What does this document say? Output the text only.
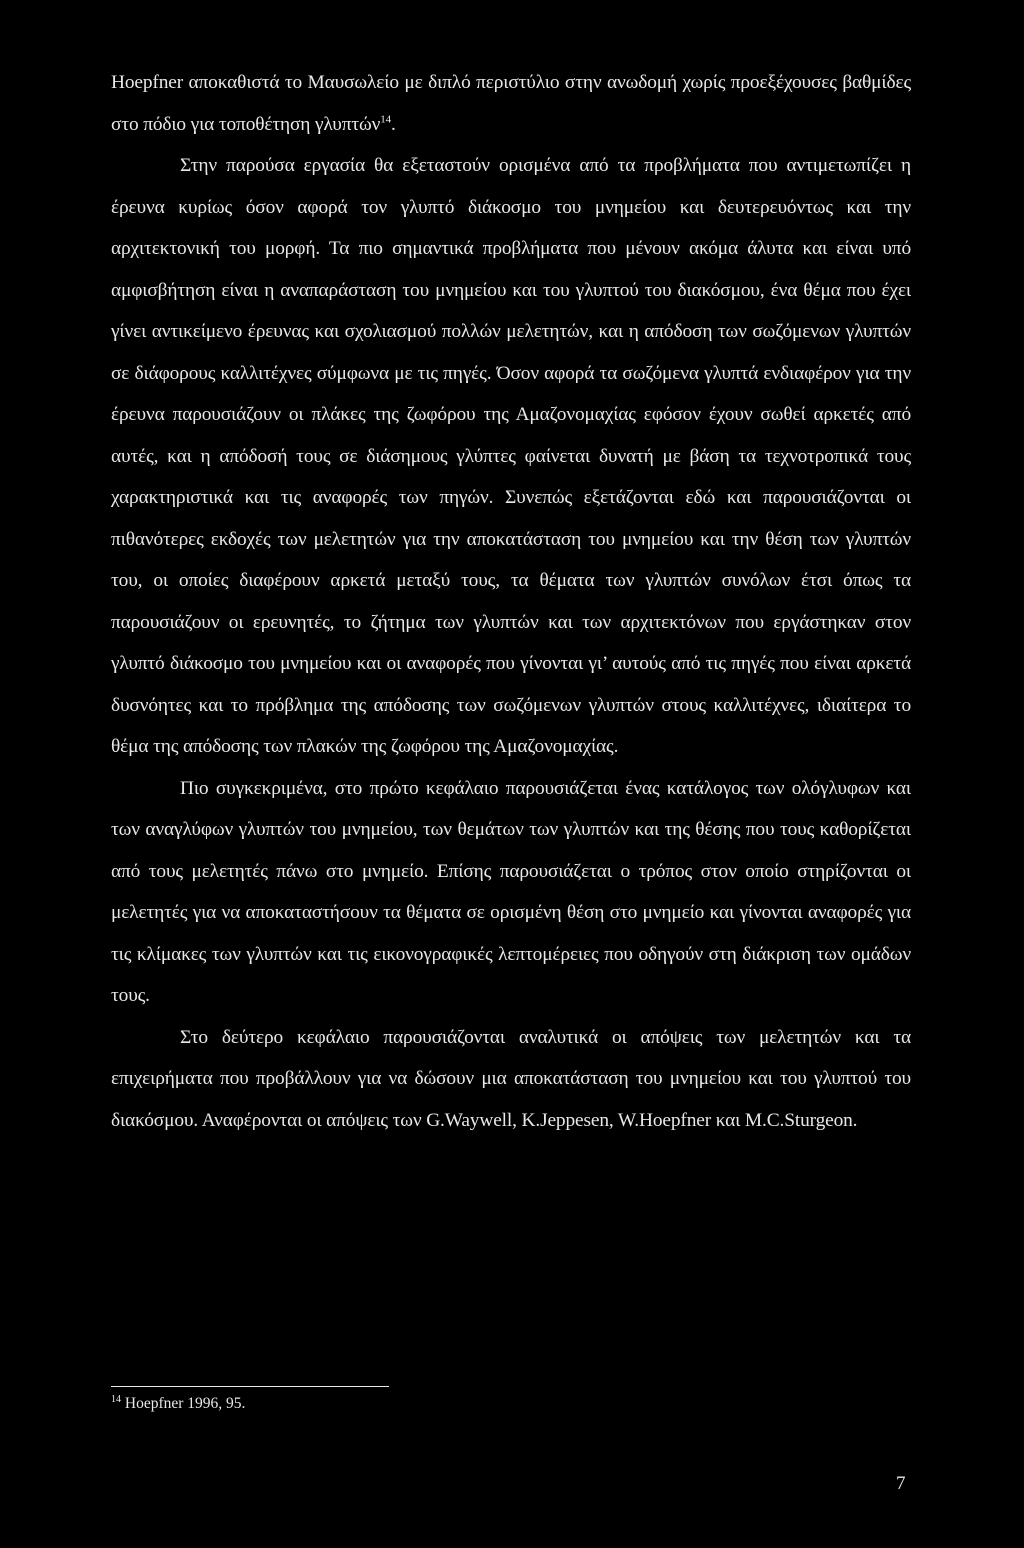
Hoepfner αποκαθιστά το Μαυσωλείο με διπλό περιστύλιο στην ανωδομή χωρίς προεξέχουσες βαθμίδες στο πόδιο για τοποθέτηση γλυπτών$^{14}$.

Στην παρούσα εργασία θα εξεταστούν ορισμένα από τα προβλήματα που αντιμετωπίζει η έρευνα κυρίως όσον αφορά τον γλυπτό διάκοσμο του μνημείου και δευτερευόντως και την αρχιτεκτονική του μορφή. Τα πιο σημαντικά προβλήματα που μένουν ακόμα άλυτα και είναι υπό αμφισβήτηση είναι η αναπαράσταση του μνημείου και του γλυπτού του διακόσμου, ένα θέμα που έχει γίνει αντικείμενο έρευνας και σχολιασμού πολλών μελετητών, και η απόδοση των σωζόμενων γλυπτών σε διάφορους καλλιτέχνες σύμφωνα με τις πηγές. Όσον αφορά τα σωζόμενα γλυπτά ενδιαφέρον για την έρευνα παρουσιάζουν οι πλάκες της ζωφόρου της Αμαζονομαχίας εφόσον έχουν σωθεί αρκετές από αυτές, και η απόδοσή τους σε διάσημους γλύπτες φαίνεται δυνατή με βάση τα τεχνοτροπικά τους χαρακτηριστικά και τις αναφορές των πηγών. Συνεπώς εξετάζονται εδώ και παρουσιάζονται οι πιθανότερες εκδοχές των μελετητών για την αποκατάσταση του μνημείου και την θέση των γλυπτών του, οι οποίες διαφέρουν αρκετά μεταξύ τους, τα θέματα των γλυπτών συνόλων έτσι όπως τα παρουσιάζουν οι ερευνητές, το ζήτημα των γλυπτών και των αρχιτεκτόνων που εργάστηκαν στον γλυπτό διάκοσμο του μνημείου και οι αναφορές που γίνονται γι’ αυτούς από τις πηγές που είναι αρκετά δυσνόητες και το πρόβλημα της απόδοσης των σωζόμενων γλυπτών στους καλλιτέχνες, ιδιαίτερα το θέμα της απόδοσης των πλακών της ζωφόρου της Αμαζονομαχίας.

Πιο συγκεκριμένα, στο πρώτο κεφάλαιο παρουσιάζεται ένας κατάλογος των ολόγλυφων και των αναγλύφων γλυπτών του μνημείου, των θεμάτων των γλυπτών και της θέσης που τους καθορίζεται από τους μελετητές πάνω στο μνημείο. Επίσης παρουσιάζεται ο τρόπος στον οποίο στηρίζονται οι μελετητές για να αποκαταστήσουν τα θέματα σε ορισμένη θέση στο μνημείο και γίνονται αναφορές για τις κλίμακες των γλυπτών και τις εικονογραφικές λεπτομέρειες που οδηγούν στη διάκριση των ομάδων τους.

Στο δεύτερο κεφάλαιο παρουσιάζονται αναλυτικά οι απόψεις των μελετητών και τα επιχειρήματα που προβάλλουν για να δώσουν μια αποκατάσταση του μνημείου και του γλυπτού του διακόσμου. Αναφέρονται οι απόψεις των G.Waywell, K.Jeppesen, W.Hoepfner και M.C.Sturgeon.

$^{14}$ Hoepfner 1996, 95.
7
